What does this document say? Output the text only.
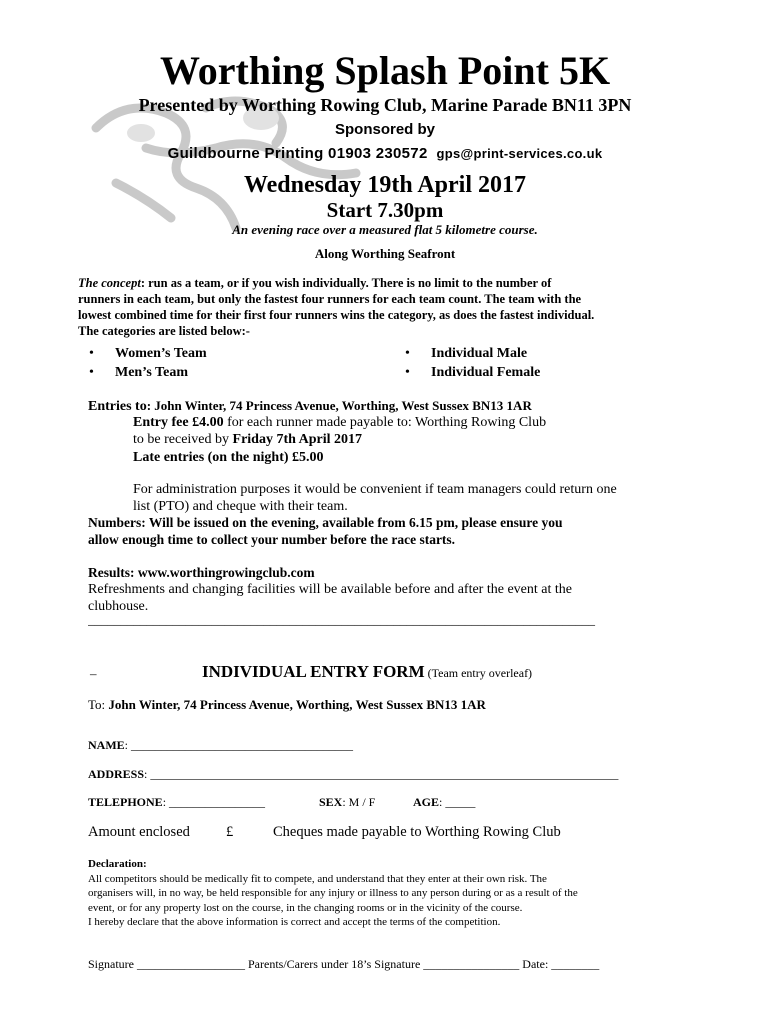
Worthing Splash Point 5K
Presented by Worthing Rowing Club, Marine Parade BN11 3PN
Sponsored by
Guildbourne Printing 01903 230572 gps@print-services.co.uk
Wednesday 19th April 2017
Start 7.30pm
An evening race over a measured flat 5 kilometre course.
Along Worthing Seafront
The concept: run as a team, or if you wish individually. There is no limit to the number of
runners in each team, but only the fastest four runners for each team count. The team with the
lowest combined time for their first four runners wins the category, as does the fastest individual.
The categories are listed below:-
• Women’s Team
• Men’s Team
• Individual Male
• Individual Female
Entries to: John Winter, 74 Princess Avenue, Worthing, West Sussex BN13 1AR
Entry fee £4.00 for each runner made payable to: Worthing Rowing Club
to be received by Friday 7th April 2017
Late entries (on the night) £5.00
For administration purposes it would be convenient if team managers could return one
list (PTO) and cheque with their team.
Numbers: Will be issued on the evening, available from 6.15 pm, please ensure you
allow enough time to collect your number before the race starts.
Results: www.worthingrowingclub.com
Refreshments and changing facilities will be available before and after the event at the
clubhouse.
______________________________________________________________________________
–	INDIVIDUAL ENTRY FORM (Team entry overleaf)
To: John Winter, 74 Princess Avenue, Worthing, West Sussex BN13 1AR
NAME: _____________________________________
ADDRESS: ______________________________________________________________________________
TELEPHONE: ________________	SEX: M / F	AGE: _____
Amount enclosed £	Cheques made payable to Worthing Rowing Club
Declaration:
All competitors should be medically fit to compete, and understand that they enter at their own risk. The
organisers will, in no way, be held responsible for any injury or illness to any person during or as a result of the
event, or for any property lost on the course, in the changing rooms or in the vicinity of the course.
I hereby declare that the above information is correct and accept the terms of the competition.
Signature __________________ Parents/Carers under 18’s Signature ________________ Date: ________
